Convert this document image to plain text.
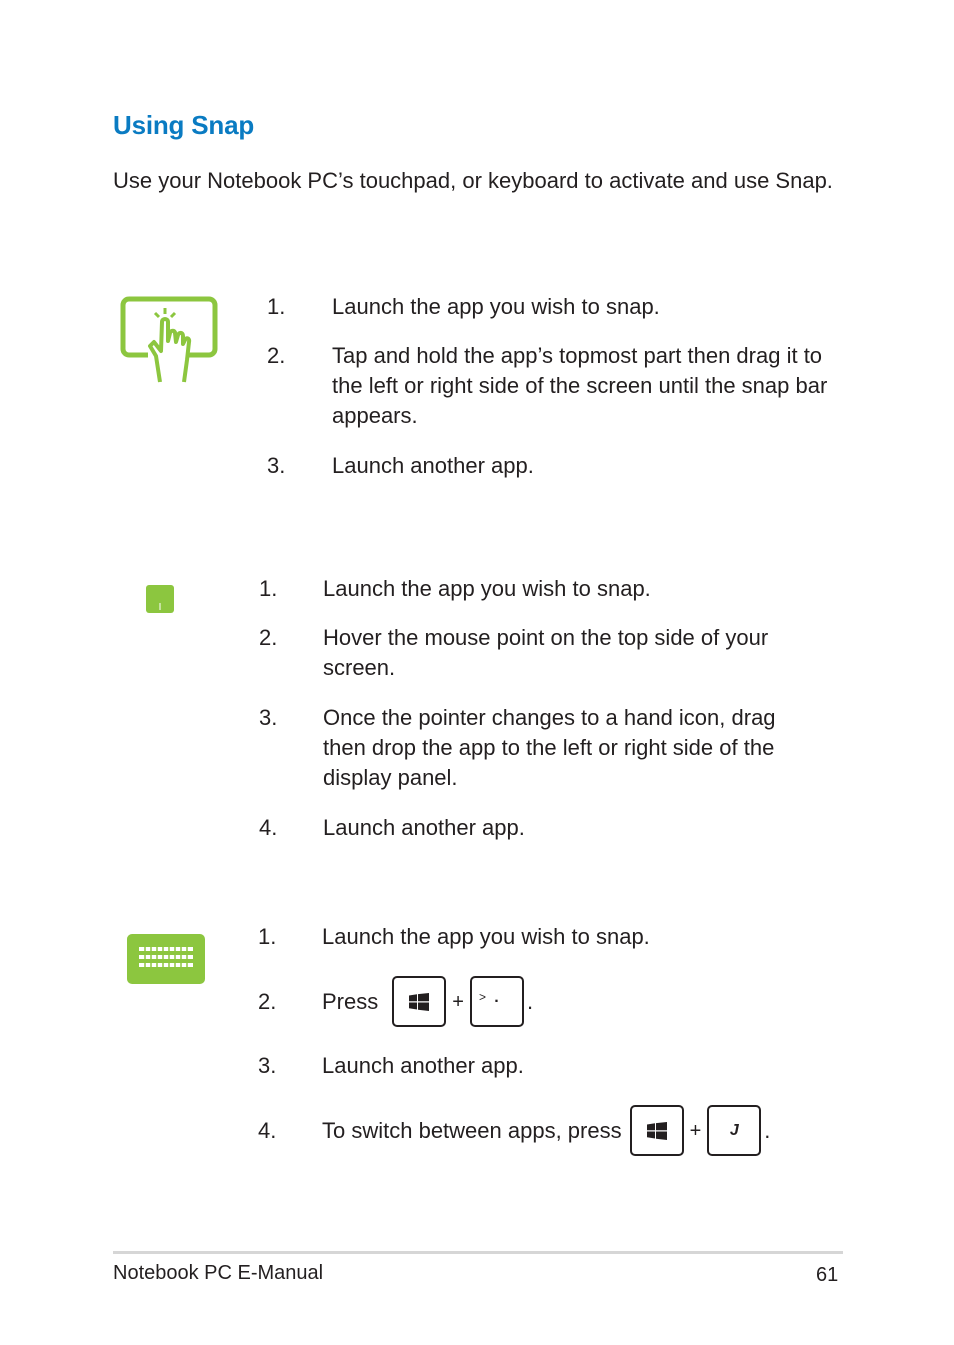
Using Snap
Use your Notebook PC’s touchpad, or keyboard to activate and use Snap.
1. Launch the app you wish to snap.
2. Tap and hold the app’s topmost part then drag it to the left or right side of the screen until the snap bar appears.
3. Launch another app.
1. Launch the app you wish to snap.
2. Hover the mouse point on the top side of your screen.
3. Once the pointer changes to a hand icon, drag then drop the app to the left or right side of the display panel.
4. Launch another app.
1. Launch the app you wish to snap.
2. Press	+ > · .
3. Launch another app.
4. To switch between apps, press	+ J .
Notebook PC E-Manual	61
